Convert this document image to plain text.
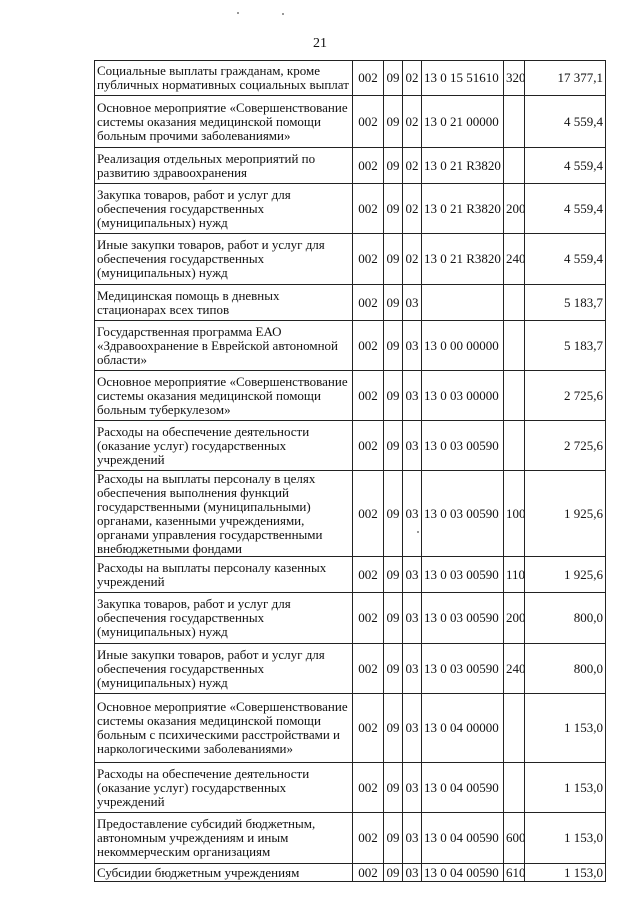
21
Социальные выплаты гражданам, кроме публичных нормативных социальных выплат	002	09	02	13 0 15 51610	320	17 377,1
Основное мероприятие «Совершенствование системы оказания медицинской помощи больным прочими заболеваниями»	002	09	02	13 0 21 00000		4 559,4
Реализация отдельных мероприятий по развитию здравоохранения	002	09	02	13 0 21 R3820		4 559,4
Закупка товаров, работ и услуг для обеспечения государственных (муниципальных) нужд	002	09	02	13 0 21 R3820	200	4 559,4
Иные закупки товаров, работ и услуг для обеспечения государственных (муниципальных) нужд	002	09	02	13 0 21 R3820	240	4 559,4
Медицинская помощь в дневных стационарах всех типов	002	09	03			5 183,7
Государственная программа ЕАО «Здравоохранение в Еврейской автономной области»	002	09	03	13 0 00 00000		5 183,7
Основное мероприятие «Совершенствование системы оказания медицинской помощи больным туберкулезом»	002	09	03	13 0 03 00000		2 725,6
Расходы на обеспечение деятельности (оказание услуг) государственных учреждений	002	09	03	13 0 03 00590		2 725,6
Расходы на выплаты персоналу в целях обеспечения выполнения функций государственными (муниципальными) органами, казенными учреждениями, органами управления государственными внебюджетными фондами	002	09	03	13 0 03 00590	100	1 925,6
Расходы на выплаты персоналу казенных учреждений	002	09	03	13 0 03 00590	110	1 925,6
Закупка товаров, работ и услуг для обеспечения государственных (муниципальных) нужд	002	09	03	13 0 03 00590	200	800,0
Иные закупки товаров, работ и услуг для обеспечения государственных (муниципальных) нужд	002	09	03	13 0 03 00590	240	800,0
Основное мероприятие «Совершенствование системы оказания медицинской помощи больным с психическими расстройствами и наркологическими заболеваниями»	002	09	03	13 0 04 00000		1 153,0
Расходы на обеспечение деятельности (оказание услуг) государственных учреждений	002	09	03	13 0 04 00590		1 153,0
Предоставление субсидий бюджетным, автономным учреждениям и иным некоммерческим организациям	002	09	03	13 0 04 00590	600	1 153,0
Субсидии бюджетным учреждениям	002	09	03	13 0 04 00590	610	1 153,0
